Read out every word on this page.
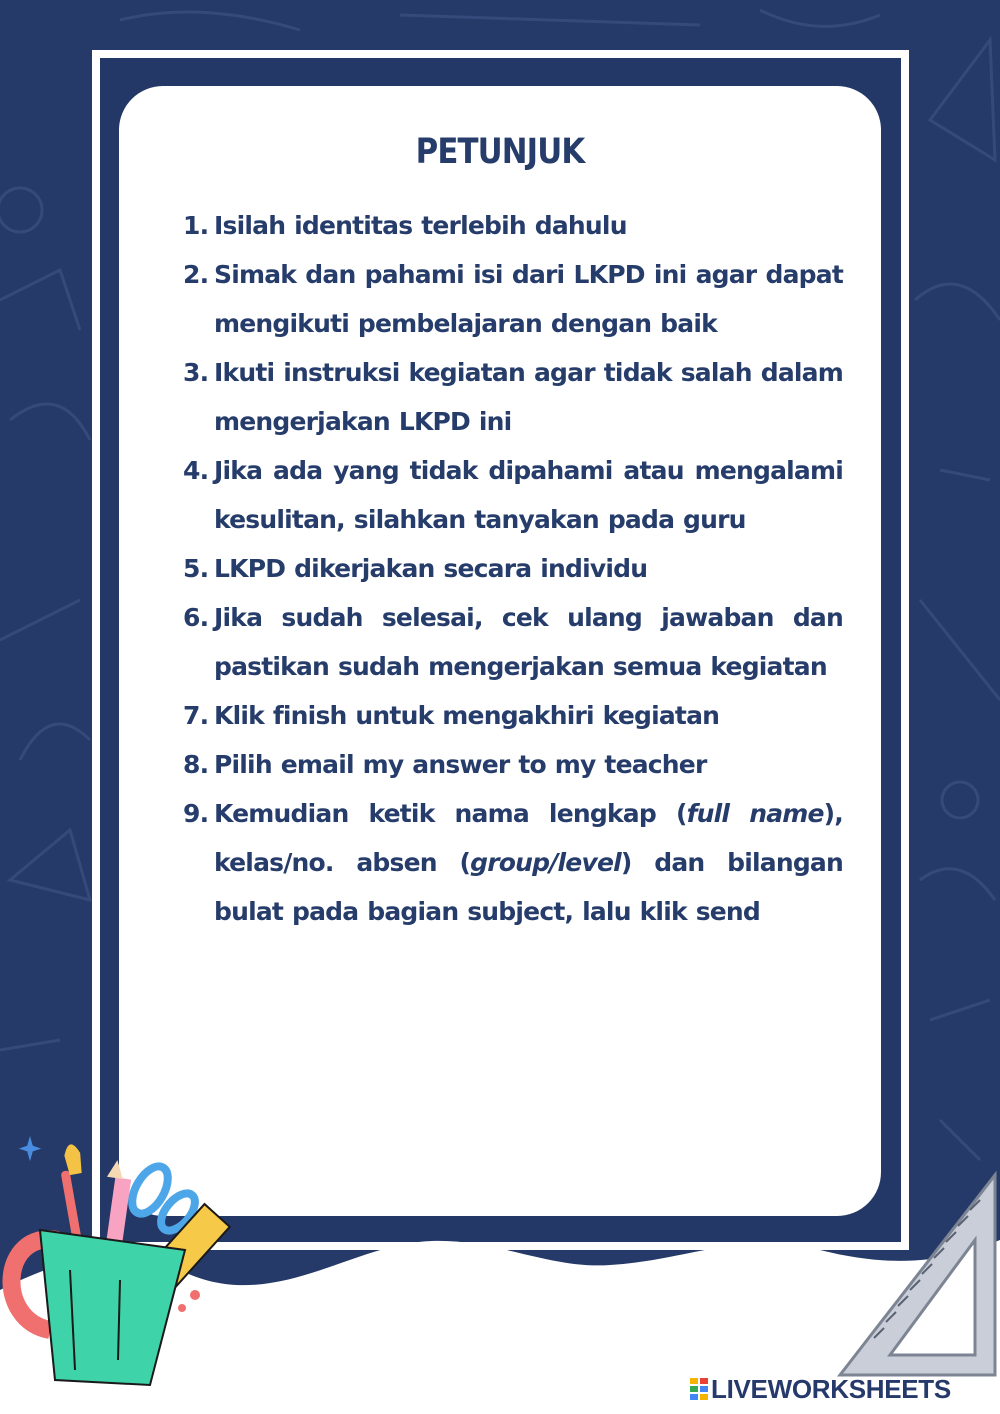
PETUNJUK
1. Isilah identitas terlebih dahulu
2. Simak dan pahami isi dari LKPD ini agar dapat mengikuti pembelajaran dengan baik
3. Ikuti instruksi kegiatan agar tidak salah dalam mengerjakan LKPD ini
4. Jika ada yang tidak dipahami atau mengalami kesulitan, silahkan tanyakan pada guru
5. LKPD dikerjakan secara individu
6. Jika sudah selesai, cek ulang jawaban dan pastikan sudah mengerjakan semua kegiatan
7. Klik finish untuk mengakhiri kegiatan
8. Pilih email my answer to my teacher
9. Kemudian ketik nama lengkap (full name), kelas/no. absen (group/level) dan bilangan bulat pada bagian subject, lalu klik send
LIVEWORKSHEETS
